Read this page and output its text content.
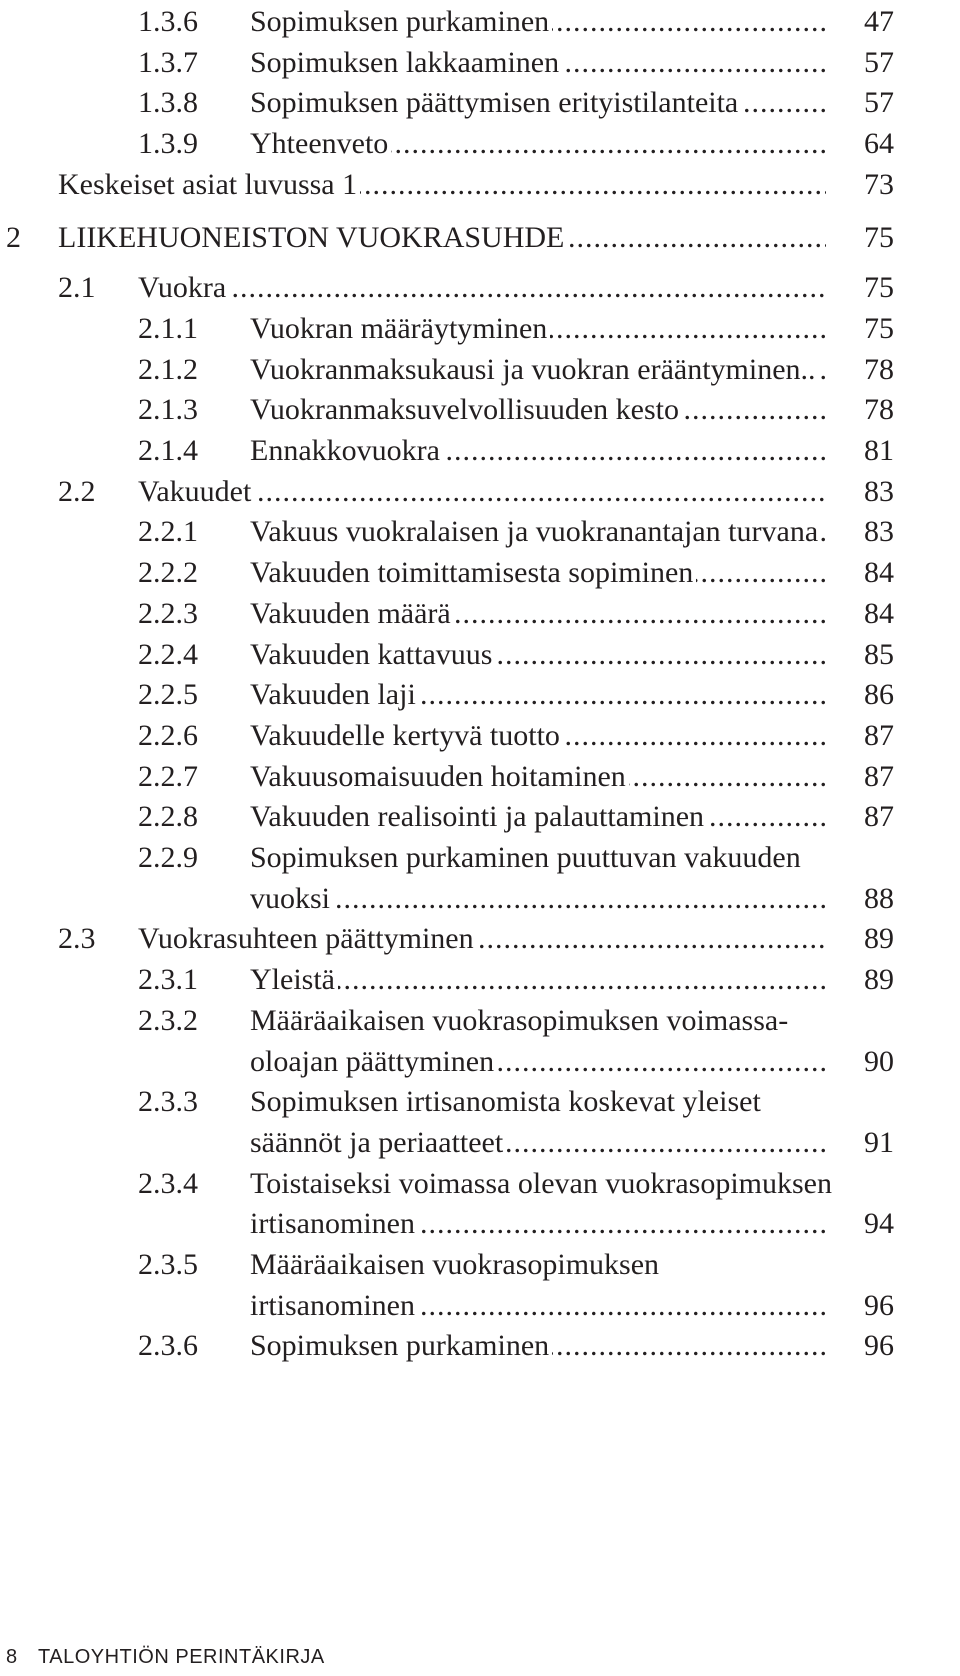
1.3.6 Sopimuksen purkaminen .....	47
1.3.7 Sopimuksen lakkaaminen .....	57
1.3.8 Sopimuksen päättymisen erityistilanteita .....	57
1.3.9 Yhteenveto .....	64
Keskeiset asiat luvussa 1 .....	73
2 LIIKEHUONEISTON VUOKRASUHDE .....	75
2.1 Vuokra .....	75
2.1.1 Vuokran määräytyminen .....	75
2.1.2 Vuokranmaksukausi ja vuokran erääntyminen.. .....	78
2.1.3 Vuokranmaksuvelvollisuuden kesto .....	78
2.1.4 Ennakkovuokra .....	81
2.2 Vakuudet .....	83
2.2.1 Vakuus vuokralaisen ja vuokranantajan turvana .....	83
2.2.2 Vakuuden toimittamisesta sopiminen .....	84
2.2.3 Vakuuden määrä .....	84
2.2.4 Vakuuden kattavuus .....	85
2.2.5 Vakuuden laji .....	86
2.2.6 Vakuudelle kertyvä tuotto .....	87
2.2.7 Vakuusomaisuuden hoitaminen .....	87
2.2.8 Vakuuden realisointi ja palauttaminen .....	87
2.2.9 Sopimuksen purkaminen puuttuvan vakuuden
vuoksi .....	88
2.3 Vuokrasuhteen päättyminen .....	89
2.3.1 Yleistä .....	89
2.3.2 Määräaikaisen vuokrasopimuksen voimassa-
oloajan päättyminen .....	90
2.3.3 Sopimuksen irtisanomista koskevat yleiset
säännöt ja periaatteet .....	91
2.3.4 Toistaiseksi voimassa olevan vuokrasopimuksen
irtisanominen .....	94
2.3.5 Määräaikaisen vuokrasopimuksen
irtisanominen .....	96
2.3.6 Sopimuksen purkaminen .....	96
8 TALOYHTIÖN PERINTÄKIRJA
